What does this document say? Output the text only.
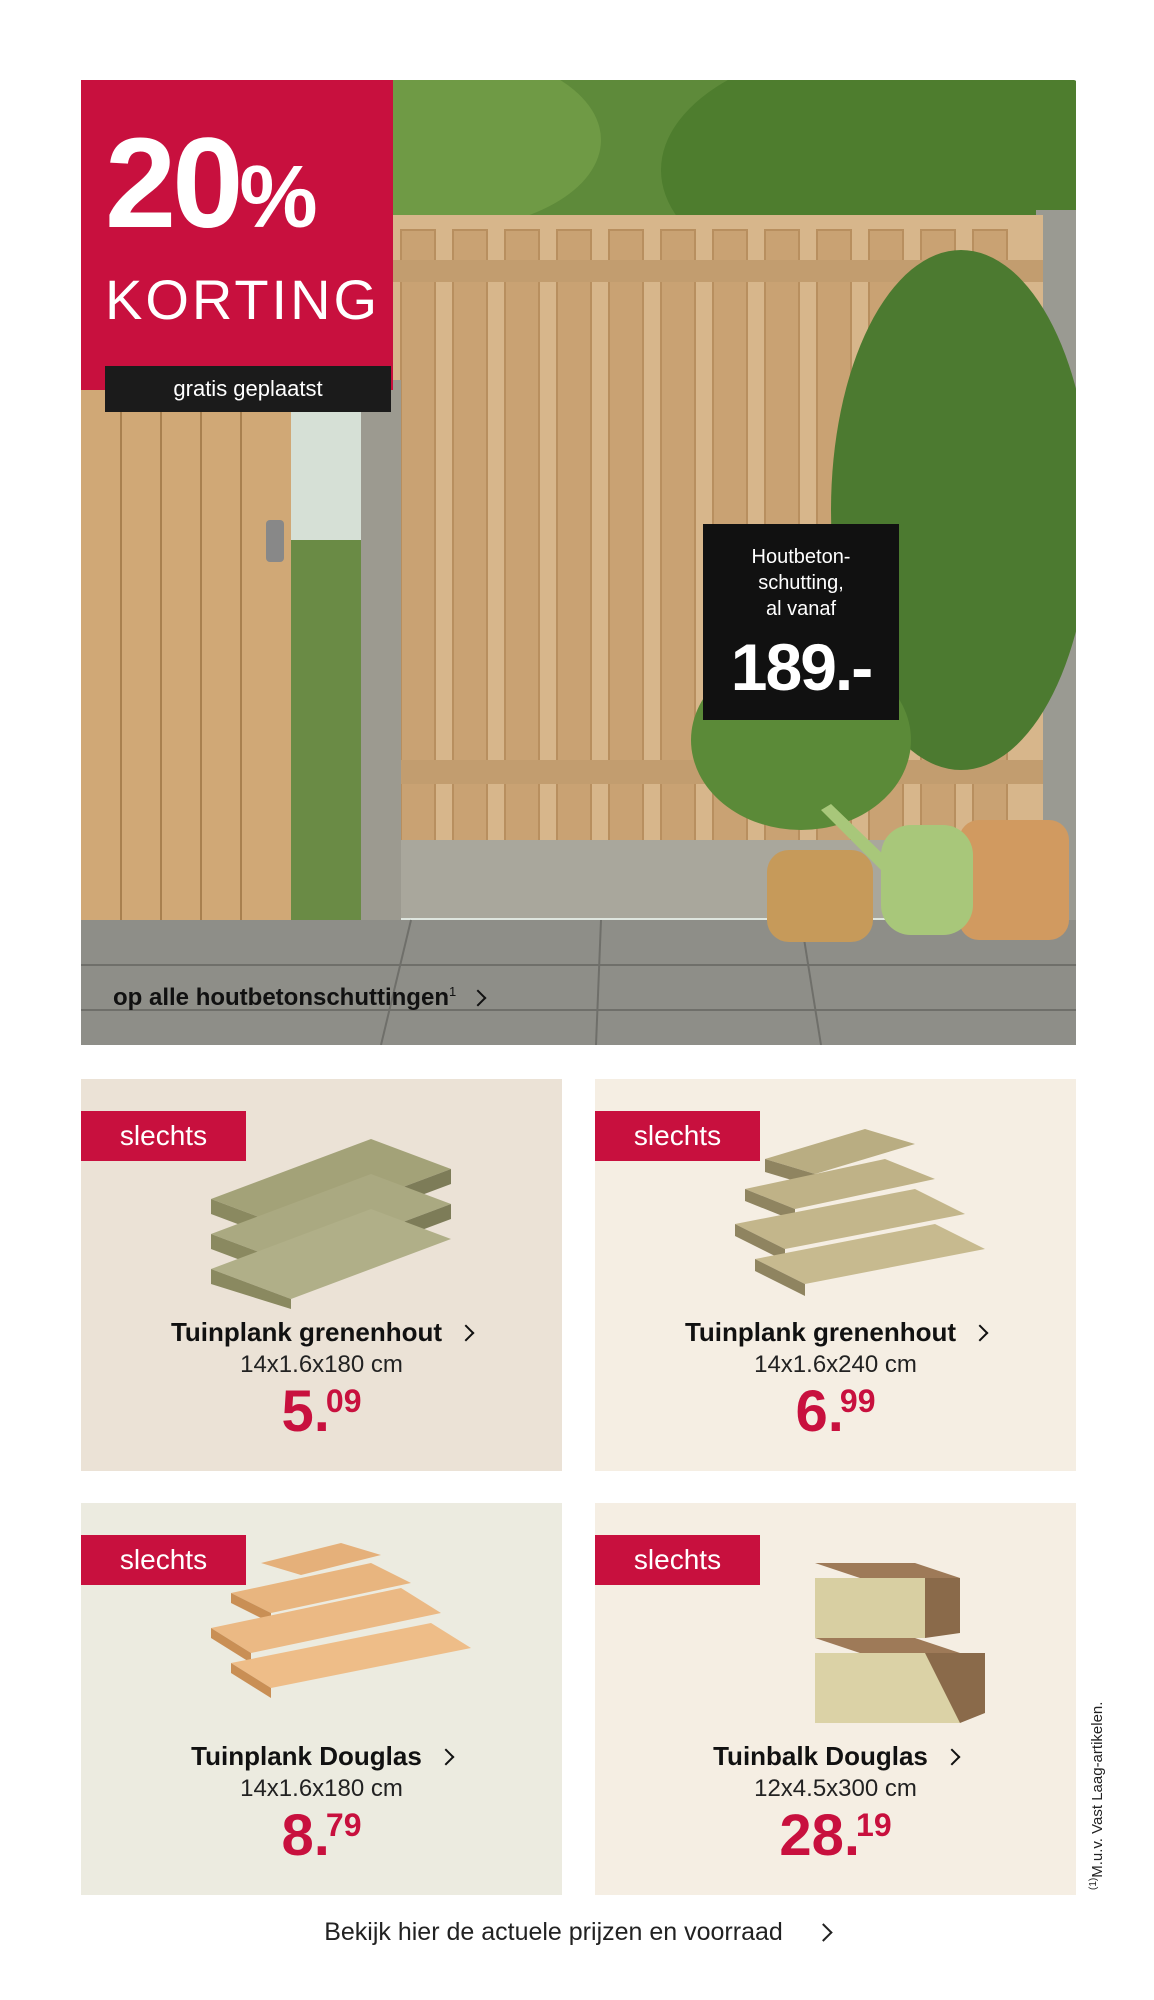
20%
KORTING
gratis geplaatst
Houtbeton-
schutting,
al vanaf
189.-
op alle houtbetonschuttingen$^1$
slechts
Tuinplank grenenhout
14x1.6x180 cm
5.09
slechts
Tuinplank grenenhout
14x1.6x240 cm
6.99
slechts
Tuinplank Douglas
14x1.6x180 cm
8.79
slechts
Tuinbalk Douglas
12x4.5x300 cm
28.19
$^{(1)}$M.u.v. Vast Laag-artikelen.
Bekijk hier de actuele prijzen en voorraad
